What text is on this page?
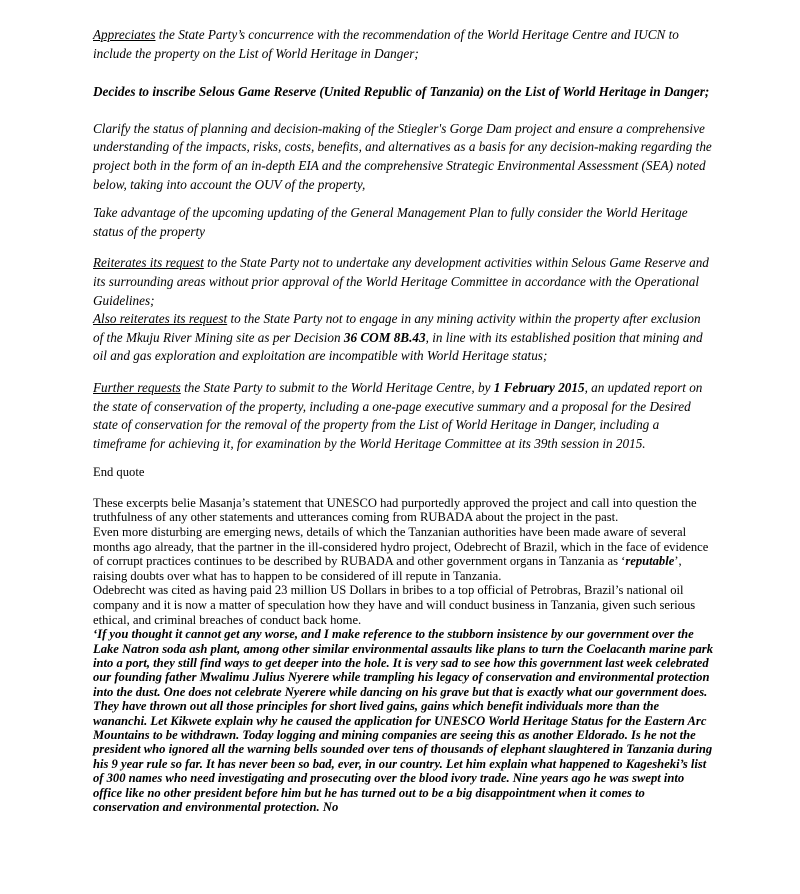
Appreciates the State Party’s concurrence with the recommendation of the World Heritage Centre and IUCN to include the property on the List of World Heritage in Danger;

Decides to inscribe Selous Game Reserve (United Republic of Tanzania) on the List of World Heritage in Danger;

Clarify the status of planning and decision-making of the Stiegler's Gorge Dam project and ensure a comprehensive understanding of the impacts, risks, costs, benefits, and alternatives as a basis for any decision-making regarding the project both in the form of an in-depth EIA and the comprehensive Strategic Environmental Assessment (SEA) noted below, taking into account the OUV of the property,

Take advantage of the upcoming updating of the General Management Plan to fully consider the World Heritage status of the property

Reiterates its request to the State Party not to undertake any development activities within Selous Game Reserve and its surrounding areas without prior approval of the World Heritage Committee in accordance with the Operational Guidelines;

Also reiterates its request to the State Party not to engage in any mining activity within the property after exclusion of the Mkuju River Mining site as per Decision 36 COM 8B.43, in line with its established position that mining and oil and gas exploration and exploitation are incompatible with World Heritage status;

Further requests the State Party to submit to the World Heritage Centre, by 1 February 2015, an updated report on the state of conservation of the property, including a one-page executive summary and a proposal for the Desired state of conservation for the removal of the property from the List of World Heritage in Danger, including a timeframe for achieving it, for examination by the World Heritage Committee at its 39th session in 2015.

End quote

These excerpts belie Masanja’s statement that UNESCO had purportedly approved the project and call into question the truthfulness of any other statements and utterances coming from RUBADA about the project in the past.

Even more disturbing are emerging news, details of which the Tanzanian authorities have been made aware of several months ago already, that the partner in the ill-considered hydro project, Odebrecht of Brazil, which in the face of evidence of corrupt practices continues to be described by RUBADA and other government organs in Tanzania as ‘reputable’, raising doubts over what has to happen to be considered of ill repute in Tanzania.

Odebrecht was cited as having paid 23 million US Dollars in bribes to a top official of Petrobras, Brazil’s national oil company and it is now a matter of speculation how they have and will conduct business in Tanzania, given such serious ethical, and criminal breaches of conduct back home.

‘If you thought it cannot get any worse, and I make reference to the stubborn insistence by our government over the Lake Natron soda ash plant, among other similar environmental assaults like plans to turn the Coelacanth marine park into a port, they still find ways to get deeper into the hole. It is very sad to see how this government last week celebrated our founding father Mwalimu Julius Nyerere while trampling his legacy of conservation and environmental protection into the dust. One does not celebrate Nyerere while dancing on his grave but that is exactly what our government does. They have thrown out all those principles for short lived gains, gains which benefit individuals more than the wananchi. Let Kikwete explain why he caused the application for UNESCO World Heritage Status for the Eastern Arc Mountains to be withdrawn. Today logging and mining companies are seeing this as another Eldorado. Is he not the president who ignored all the warning bells sounded over tens of thousands of elephant slaughtered in Tanzania during his 9 year rule so far. It has never been so bad, ever, in our country. Let him explain what happened to Kagesheki’s list of 300 names who need investigating and prosecuting over the blood ivory trade. Nine years ago he was swept into office like no other president before him but he has turned out to be a big disappointment when it comes to conservation and environmental protection. No
